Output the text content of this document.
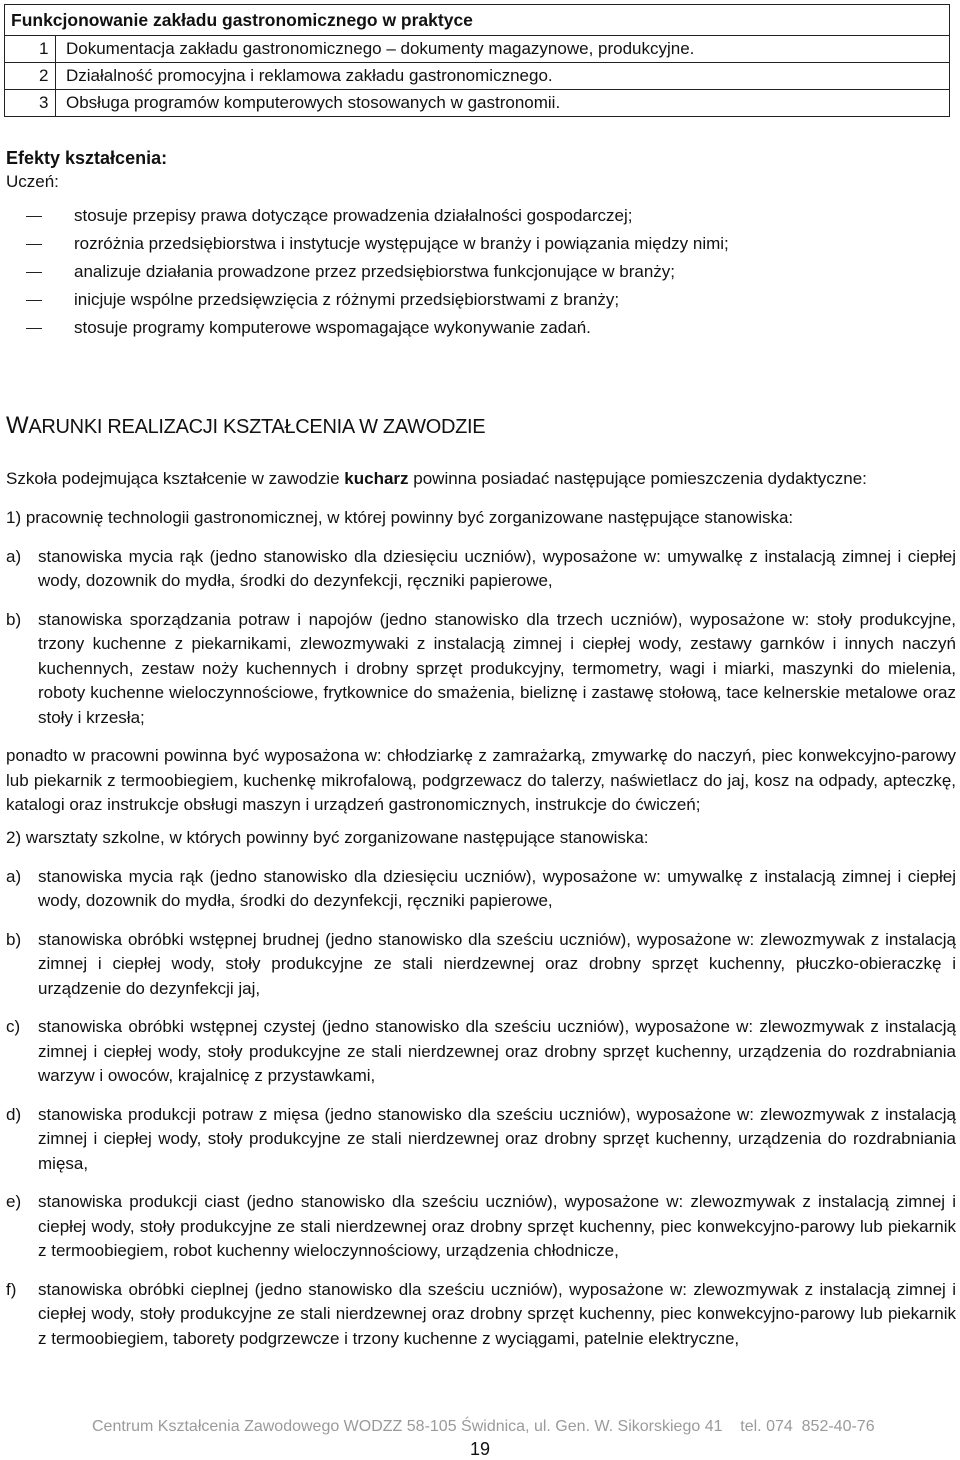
Funkcjonowanie zakładu gastronomicznego w praktyce	
1	Dokumentacja zakładu gastronomicznego – dokumenty magazynowe, produkcyjne.
2	Działalność promocyjna i reklamowa zakładu gastronomicznego.
3	Obsługa programów komputerowych stosowanych w gastronomii.
Efekty kształcenia:
Uczeń:
stosuje przepisy prawa dotyczące prowadzenia działalności gospodarczej;
rozróżnia przedsiębiorstwa i instytucje występujące w branży i powiązania między nimi;
analizuje działania prowadzone przez przedsiębiorstwa funkcjonujące w branży;
inicjuje wspólne przedsięwzięcia z różnymi przedsiębiorstwami z branży;
stosuje programy komputerowe wspomagające wykonywanie zadań.
WARUNKI REALIZACJI KSZTAŁCENIA W ZAWODZIE
Szkoła podejmująca kształcenie w zawodzie kucharz powinna posiadać następujące pomieszczenia dydaktyczne:
1) pracownię technologii gastronomicznej, w której powinny być zorganizowane następujące stanowiska:
a) stanowiska mycia rąk (jedno stanowisko dla dziesięciu uczniów), wyposażone w: umywalkę z instalacją zimnej i ciepłej wody, dozownik do mydła, środki do dezynfekcji, ręczniki papierowe,
b) stanowiska sporządzania potraw i napojów (jedno stanowisko dla trzech uczniów), wyposażone w: stoły produkcyjne, trzony kuchenne z piekarnikami, zlewozmywaki z instalacją zimnej i ciepłej wody, zestawy garnków i innych naczyń kuchennych, zestaw noży kuchennych i drobny sprzęt produkcyjny, termometry, wagi i miarki, maszynki do mielenia, roboty kuchenne wieloczynnościowe, frytkownice do smażenia, bieliznę i zastawę stołową, tace kelnerskie metalowe oraz stoły i krzesła;
ponadto w pracowni powinna być wyposażona w: chłodziarkę z zamrażarką, zmywarkę do naczyń, piec konwekcyjno-parowy lub piekarnik z termoobiegiem, kuchenkę mikrofalową, podgrzewacz do talerzy, naświetlacz do jaj, kosz na odpady, apteczkę, katalogi oraz instrukcje obsługi maszyn i urządzeń gastronomicznych, instrukcje do ćwiczeń;
2) warsztaty szkolne, w których powinny być zorganizowane następujące stanowiska:
a) stanowiska mycia rąk (jedno stanowisko dla dziesięciu uczniów), wyposażone w: umywalkę z instalacją zimnej i ciepłej wody, dozownik do mydła, środki do dezynfekcji, ręczniki papierowe,
b) stanowiska obróbki wstępnej brudnej (jedno stanowisko dla sześciu uczniów), wyposażone w: zlewozmywak z instalacją zimnej i ciepłej wody, stoły produkcyjne ze stali nierdzewnej oraz drobny sprzęt kuchenny, płuczko-obieraczkę i urządzenie do dezynfekcji jaj,
c) stanowiska obróbki wstępnej czystej (jedno stanowisko dla sześciu uczniów), wyposażone w: zlewozmywak z instalacją zimnej i ciepłej wody, stoły produkcyjne ze stali nierdzewnej oraz drobny sprzęt kuchenny, urządzenia do rozdrabniania warzyw i owoców, krajalnicę z przystawkami,
d) stanowiska produkcji potraw z mięsa (jedno stanowisko dla sześciu uczniów), wyposażone w: zlewozmywak z instalacją zimnej i ciepłej wody, stoły produkcyjne ze stali nierdzewnej oraz drobny sprzęt kuchenny, urządzenia do rozdrabniania mięsa,
e) stanowiska produkcji ciast (jedno stanowisko dla sześciu uczniów), wyposażone w: zlewozmywak z instalacją zimnej i ciepłej wody, stoły produkcyjne ze stali nierdzewnej oraz drobny sprzęt kuchenny, piec konwekcyjno-parowy lub piekarnik z termoobiegiem, robot kuchenny wieloczynnościowy, urządzenia chłodnicze,
f) stanowiska obróbki cieplnej (jedno stanowisko dla sześciu uczniów), wyposażone w: zlewozmywak z instalacją zimnej i ciepłej wody, stoły produkcyjne ze stali nierdzewnej oraz drobny sprzęt kuchenny, piec konwekcyjno-parowy lub piekarnik z termoobiegiem, taborety podgrzewcze i trzony kuchenne z wyciągami, patelnie elektryczne,
Centrum Kształcenia Zawodowego WODZZ 58-105 Świdnica, ul. Gen. W. Sikorskiego 41    tel. 074  852-40-76
19
